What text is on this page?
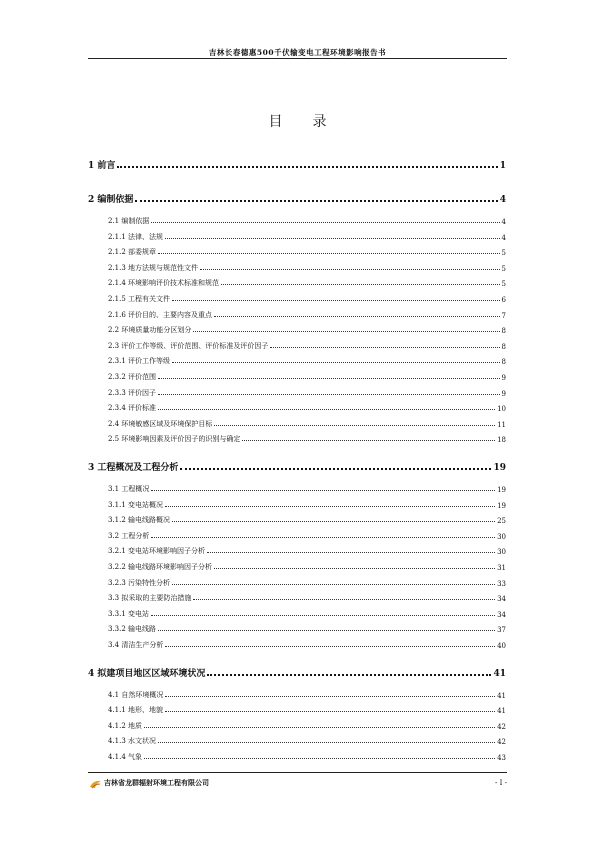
吉林长春德惠500千伏输变电工程环境影响报告书
目录
1 前言	1
2 编制依据	4
2.1 编制依据	4
2.1.1 法律、法规	4
2.1.2 部委规章	5
2.1.3 地方法规与规范性文件	5
2.1.4 环境影响评价技术标准和规范	5
2.1.5 工程有关文件	6
2.1.6 评价目的、主要内容及重点	7
2.2 环境质量功能分区划分	8
2.3 评价工作等级、评价范围、评价标准及评价因子	8
2.3.1 评价工作等级	8
2.3.2 评价范围	9
2.3.3 评价因子	9
2.3.4 评价标准	10
2.4 环境敏感区域及环境保护目标	11
2.5 环境影响因素及评价因子的识别与确定	18
3 工程概况及工程分析	19
3.1 工程概况	19
3.1.1 变电站概况	19
3.1.2 输电线路概况	25
3.2 工程分析	30
3.2.1 变电站环境影响因子分析	30
3.2.2 输电线路环境影响因子分析	31
3.2.3 污染特性分析	33
3.3 拟采取的主要防治措施	34
3.3.1 变电站	34
3.3.2 输电线路	37
3.4 清洁生产分析	40
4 拟建项目地区区域环境状况	41
4.1 自然环境概况	41
4.1.1 地形、地貌	41
4.1.2 地质	42
4.1.3 水文状况	42
4.1.4 气象	43
吉林省龙群辐射环境工程有限公司	- I -
